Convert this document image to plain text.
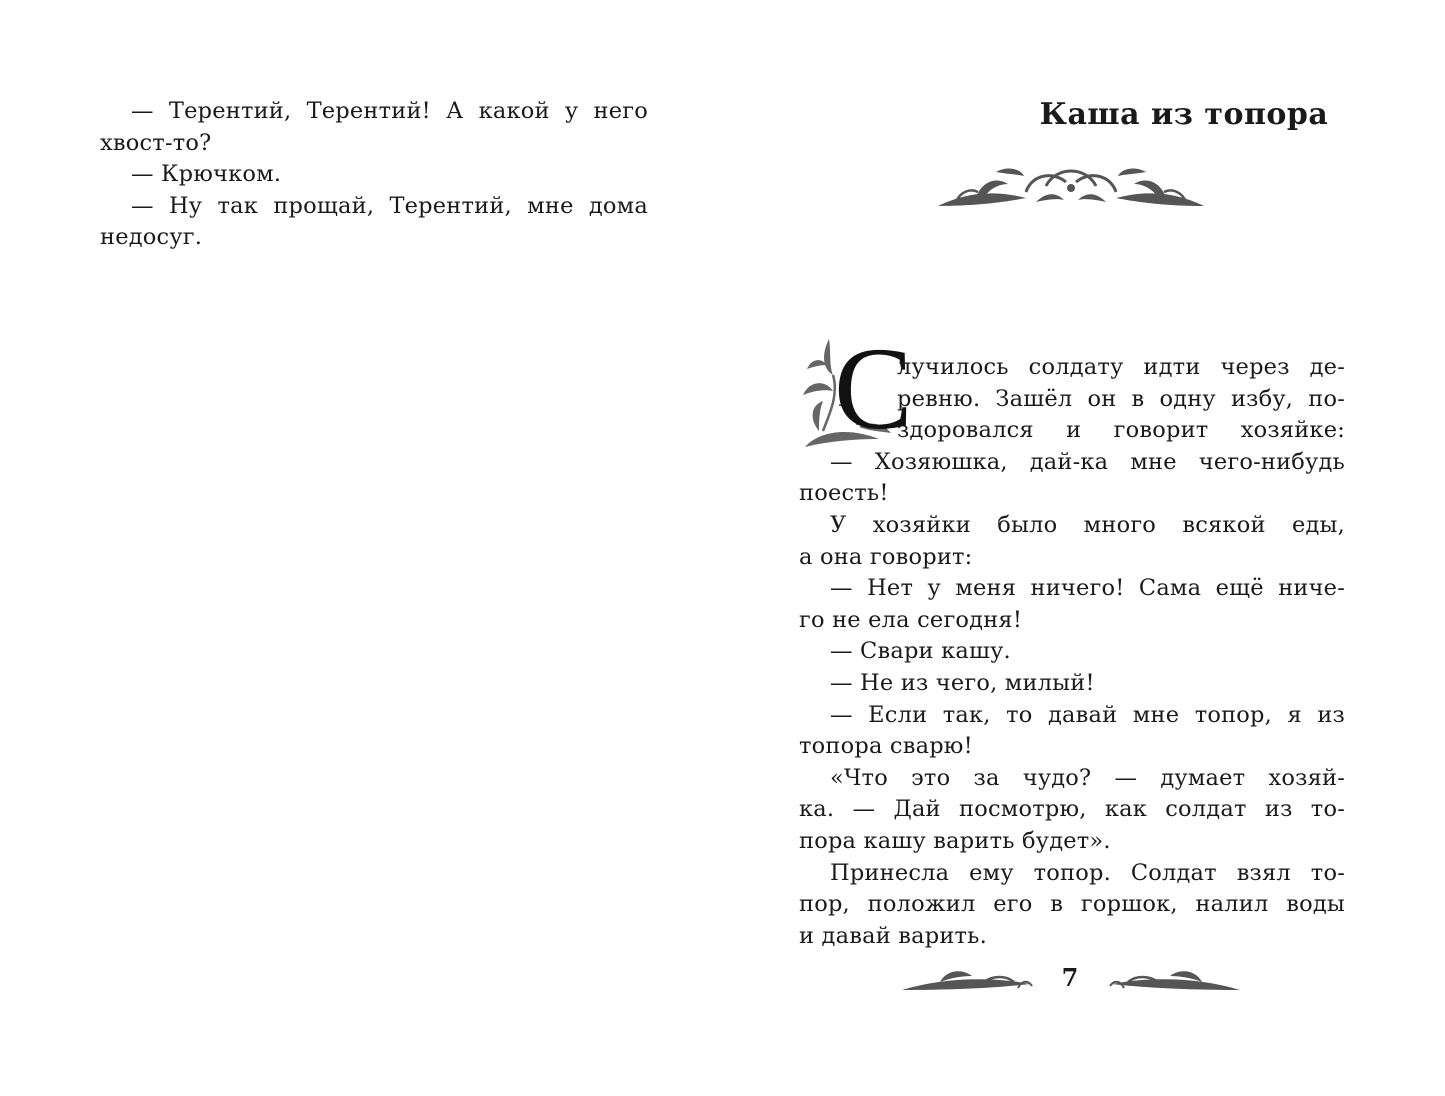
— Терентий, Терентий! А какой у него
хвост-то?
— Крючком.
— Ну так прощай, Терентий, мне дома
недосуг.
Каша из топора
С
лучилось солдату идти через де-
ревню. Зашёл он в одну избу, по-
здоровался и говорит хозяйке:
— Хозяюшка, дай-ка мне чего-нибудь
поесть!
У хозяйки было много всякой еды,
а она говорит:
— Нет у меня ничего! Сама ещё ниче-
го не ела сегодня!
— Свари кашу.
— Не из чего, милый!
— Если так, то давай мне топор, я из
топора сварю!
«Что это за чудо? — думает хозяй-
ка. — Дай посмотрю, как солдат из то-
пора кашу варить будет».
Принесла ему топор. Солдат взял то-
пор, положил его в горшок, налил воды
и давай варить.
7
